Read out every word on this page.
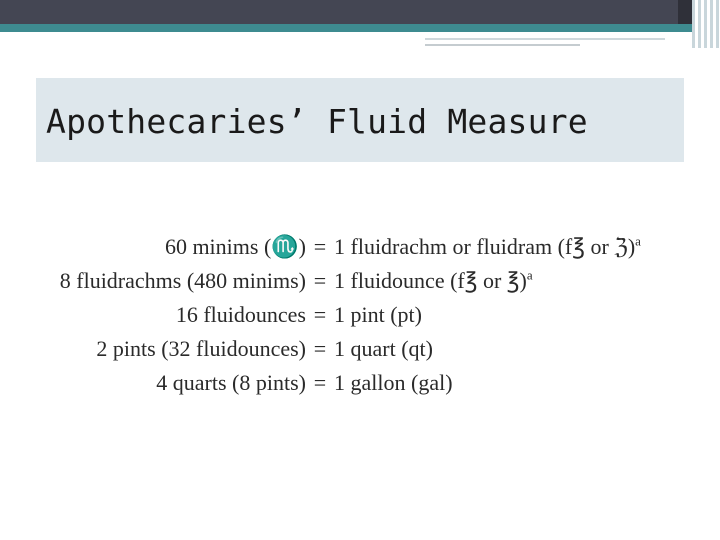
Apothecaries’ Fluid Measure
60 minims (♏) = 1 fluidrachm or fluidram (f℥ or ℨ)$^a$
8 fluidrachms (480 minims) = 1 fluidounce (f℥ or ℥)$^a$
16 fluidounces = 1 pint (pt)
2 pints (32 fluidounces) = 1 quart (qt)
4 quarts (8 pints) = 1 gallon (gal)
